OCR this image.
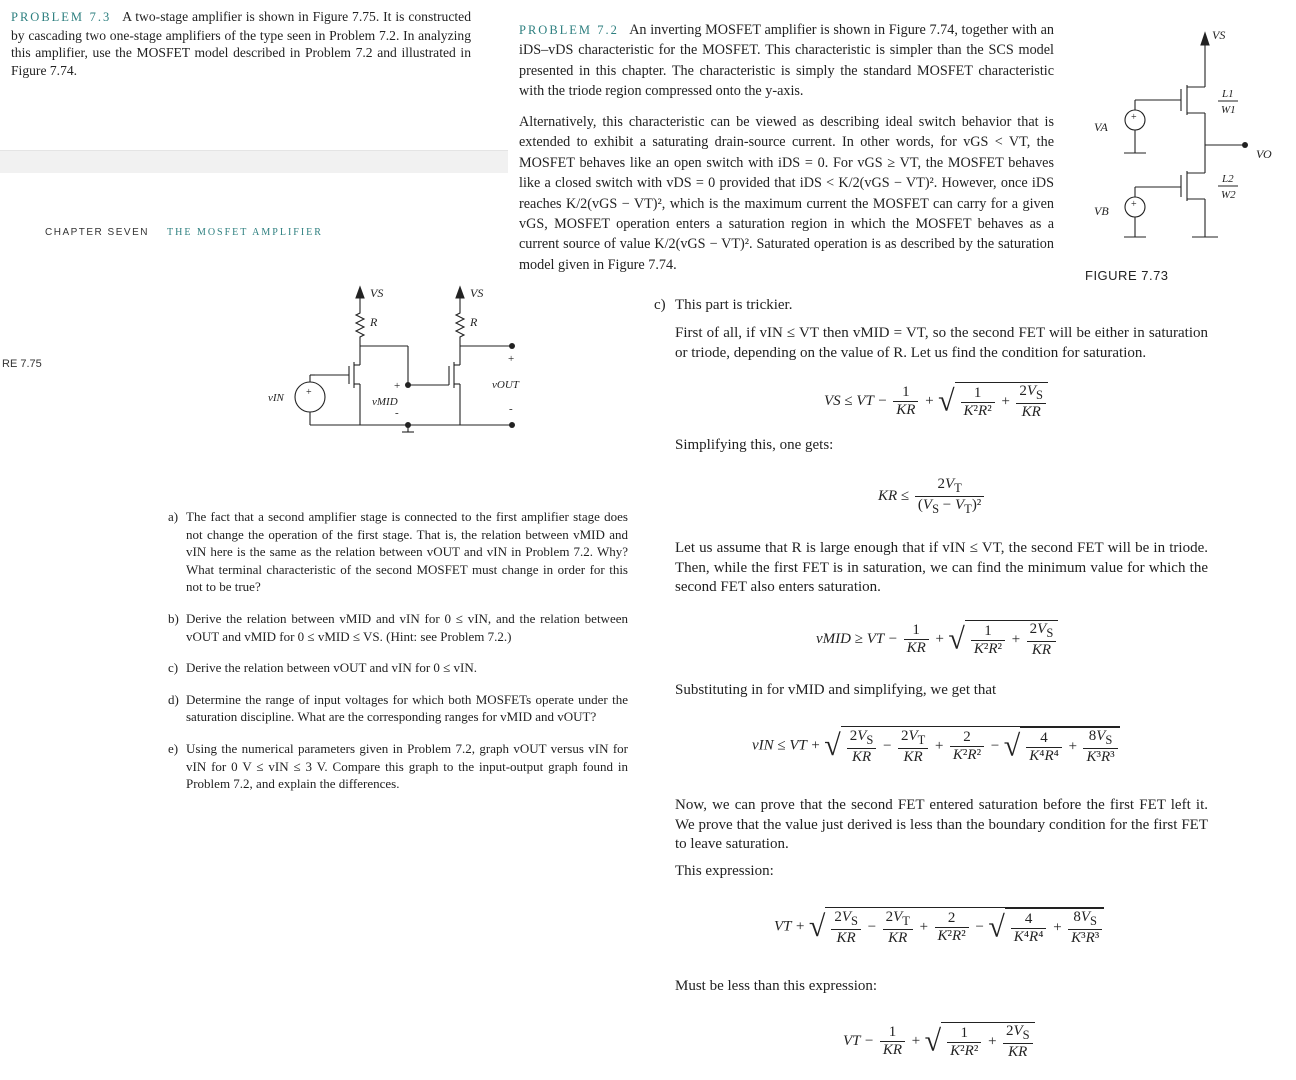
PROBLEM 7.3 A two-stage amplifier is shown in Figure 7.75. It is constructed by cascading two one-stage amplifiers of the type seen in Problem 7.2. In analyzing this amplifier, use the MOSFET model described in Problem 7.2 and illustrated in Figure 7.74.
CHAPTER SEVEN THE MOSFET AMPLIFIER
RE 7.75
+
VS	VS
R	R
vIN	vMID
vOUT
+
-
+
-

a) The fact that a second amplifier stage is connected to the first amplifier stage does not change the operation of the first stage. That is, the relation between vMID and vIN here is the same as the relation between vOUT and vIN in Problem 7.2. Why? What terminal characteristic of the second MOSFET must change in order for this not to be true?

b) Derive the relation between vMID and vIN for 0 ≤ vIN, and the relation between vOUT and vMID for 0 ≤ vMID ≤ VS. (Hint: see Problem 7.2.)

c) Derive the relation between vOUT and vIN for 0 ≤ vIN.

d) Determine the range of input voltages for which both MOSFETs operate under the saturation discipline. What are the corresponding ranges for vMID and vOUT?

e) Using the numerical parameters given in Problem 7.2, graph vOUT versus vIN for vIN for 0 V ≤ vIN ≤ 3 V. Compare this graph to the input-output graph found in Problem 7.2, and explain the differences.

PROBLEM 7.2 An inverting MOSFET amplifier is shown in Figure 7.74, together with an iDS–vDS characteristic for the MOSFET. This characteristic is simpler than the SCS model presented in this chapter. The characteristic is simply the standard MOSFET characteristic with the triode region compressed onto the y-axis.
Alternatively, this characteristic can be viewed as describing ideal switch behavior that is extended to exhibit a saturating drain-source current. In other words, for vGS < VT, the MOSFET behaves like an open switch with iDS = 0. For vGS ≥ VT, the MOSFET behaves like a closed switch with vDS = 0 provided that iDS < K/2(vGS − VT)². However, once iDS reaches K/2(vGS − VT)², which is the maximum current the MOSFET can carry for a given vGS, MOSFET operation enters a saturation region in which the MOSFET behaves as a current source of value K/2(vGS − VT)². Saturated operation is as described by the saturation model given in Figure 7.74.
+
+
VS
VA
VB
VO
L1
W1
L2
W2
FIGURE 7.73
c) This part is trickier.
First of all, if vIN ≤ VT then vMID = VT, so the second FET will be either in saturation or triode, depending on the value of R. Let us find the condition for saturation.
VS ≤ VT − $\frac{1}{KR}$ + √ $\frac{1}{\text{K²R²}} + \frac{2V_S}{KR}$
Simplifying this, one gets:
KR ≤ $\frac{2V_T}{(V_S - V_T)^2}$
Let us assume that R is large enough that if vIN ≤ VT, the second FET will be in triode. Then, while the first FET is in saturation, we can find the minimum value for which the second FET also enters saturation.
vMID ≥ VT − $\frac{1}{KR}$ + √ $\frac{1}{\text{K²R²}} + \frac{2V_S}{KR}$
Substituting in for vMID and simplifying, we get that
vIN ≤ VT + √ $\frac{2V_S}{KR} - \frac{2V_T}{KR} + \frac{2}{\text{K²R²}}$ − √ $\frac{4}{\text{K⁴R⁴}} + \frac{8V_S}{\text{K³R³}}$
Now, we can prove that the second FET entered saturation before the first FET left it. We prove that the value just derived is less than the boundary condition for the first FET to leave saturation.
This expression:
VT + √ $\frac{2V_S}{KR} - \frac{2V_T}{KR} + \frac{2}{\text{K²R²}}$ − √ $\frac{4}{\text{K⁴R⁴}} + \frac{8V_S}{\text{K³R³}}$
Must be less than this expression:
VT − $\frac{1}{KR}$ + √ $\frac{1}{\text{K²R²}} + \frac{2V_S}{KR}$
